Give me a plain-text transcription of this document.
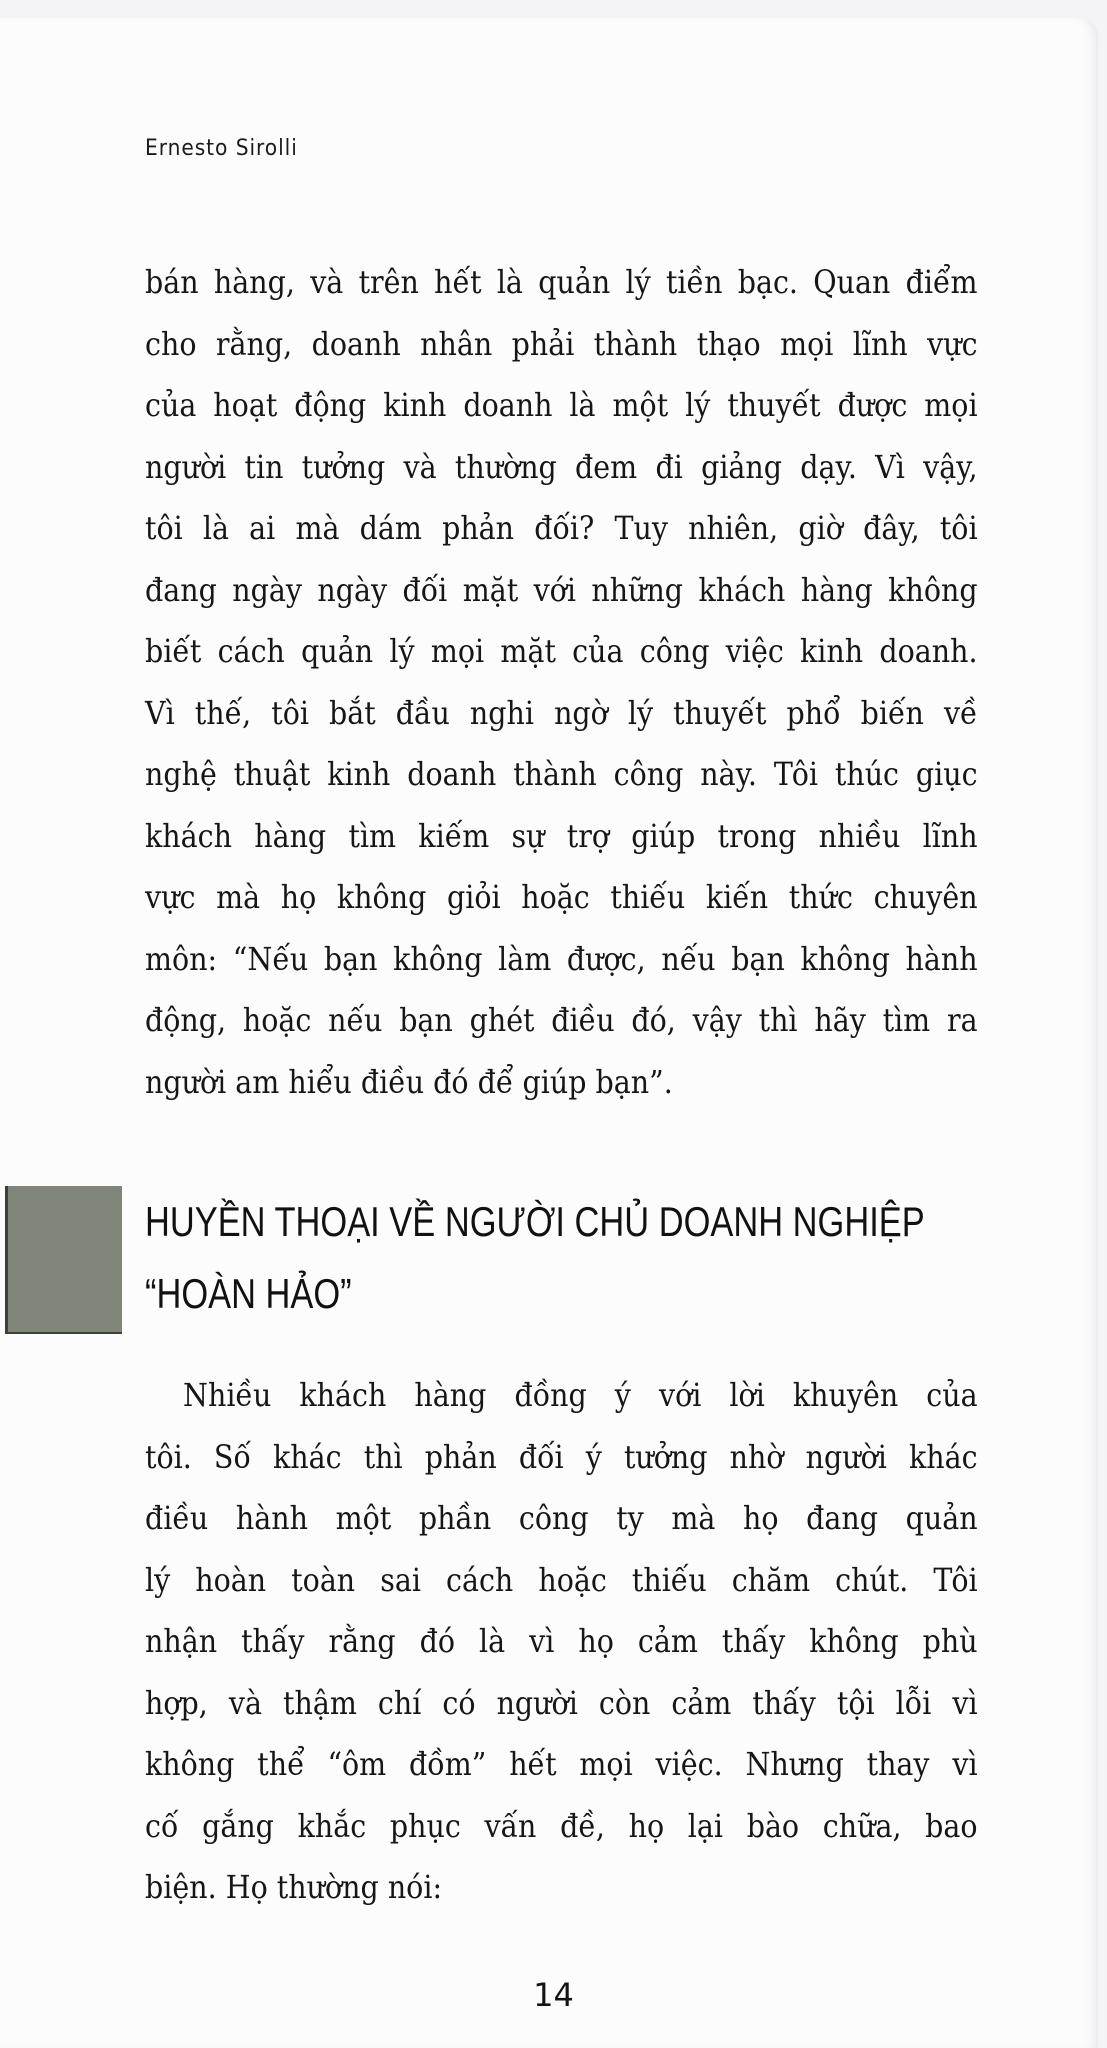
Ernesto Sirolli
bán hàng, và trên hết là quản lý tiền bạc. Quan điểm
cho rằng, doanh nhân phải thành thạo mọi lĩnh vực
của hoạt động kinh doanh là một lý thuyết được mọi
người tin tưởng và thường đem đi giảng dạy. Vì vậy,
tôi là ai mà dám phản đối? Tuy nhiên, giờ đây, tôi
đang ngày ngày đối mặt với những khách hàng không
biết cách quản lý mọi mặt của công việc kinh doanh.
Vì thế, tôi bắt đầu nghi ngờ lý thuyết phổ biến về
nghệ thuật kinh doanh thành công này. Tôi thúc giục
khách hàng tìm kiếm sự trợ giúp trong nhiều lĩnh
vực mà họ không giỏi hoặc thiếu kiến thức chuyên
môn: “Nếu bạn không làm được, nếu bạn không hành
động, hoặc nếu bạn ghét điều đó, vậy thì hãy tìm ra
người am hiểu điều đó để giúp bạn”.
HUYỀN THOẠI VỀ NGƯỜI CHỦ DOANH NGHIỆP
“HOÀN HẢO”
Nhiều khách hàng đồng ý với lời khuyên của
tôi. Số khác thì phản đối ý tưởng nhờ người khác
điều hành một phần công ty mà họ đang quản
lý hoàn toàn sai cách hoặc thiếu chăm chút. Tôi
nhận thấy rằng đó là vì họ cảm thấy không phù
hợp, và thậm chí có người còn cảm thấy tội lỗi vì
không thể “ôm đồm” hết mọi việc. Nhưng thay vì
cố gắng khắc phục vấn đề, họ lại bào chữa, bao
biện. Họ thường nói:
14
